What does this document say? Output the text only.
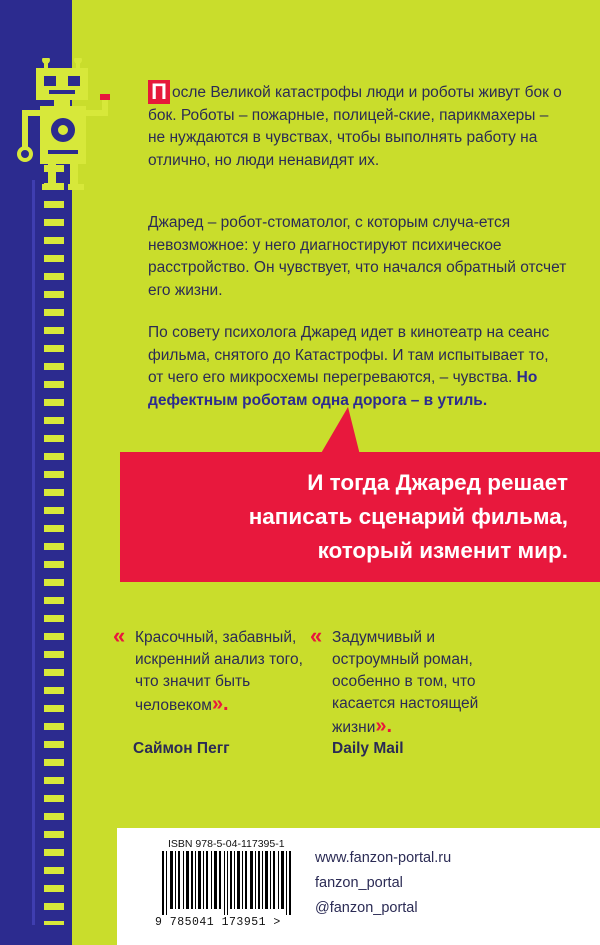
П осле Великой катастрофы люди и роботы живут бок о бок. Роботы – пожарные, полицей-ские, парикмахеры – не нуждаются в чувствах, чтобы выполнять работу на отлично, но люди ненавидят их.
Джаред – робот-стоматолог, с которым случа-ется невозможное: у него диагностируют психическое расстройство. Он чувствует, что начался обратный отсчет его жизни.
По совету психолога Джаред идет в кинотеатр на сеанс фильма, снятого до Катастрофы. И там испытывает то, от чего его микросхемы перегреваются, – чувства. Но дефектным роботам одна дорога – в утиль.
И тогда Джаред решает
написать сценарий фильма,
который изменит мир.
« Красочный, забавный, искренний анализ того, что значит быть человеком».
Саймон Пегг
« Задумчивый и остроумный роман, особенно в том, что касается настоящей жизни».
Daily Mail
ISBN 978-5-04-117395-1
9 785041 173951 >
www.fanzon-portal.ru
fanzon_portal
@fanzon_portal
